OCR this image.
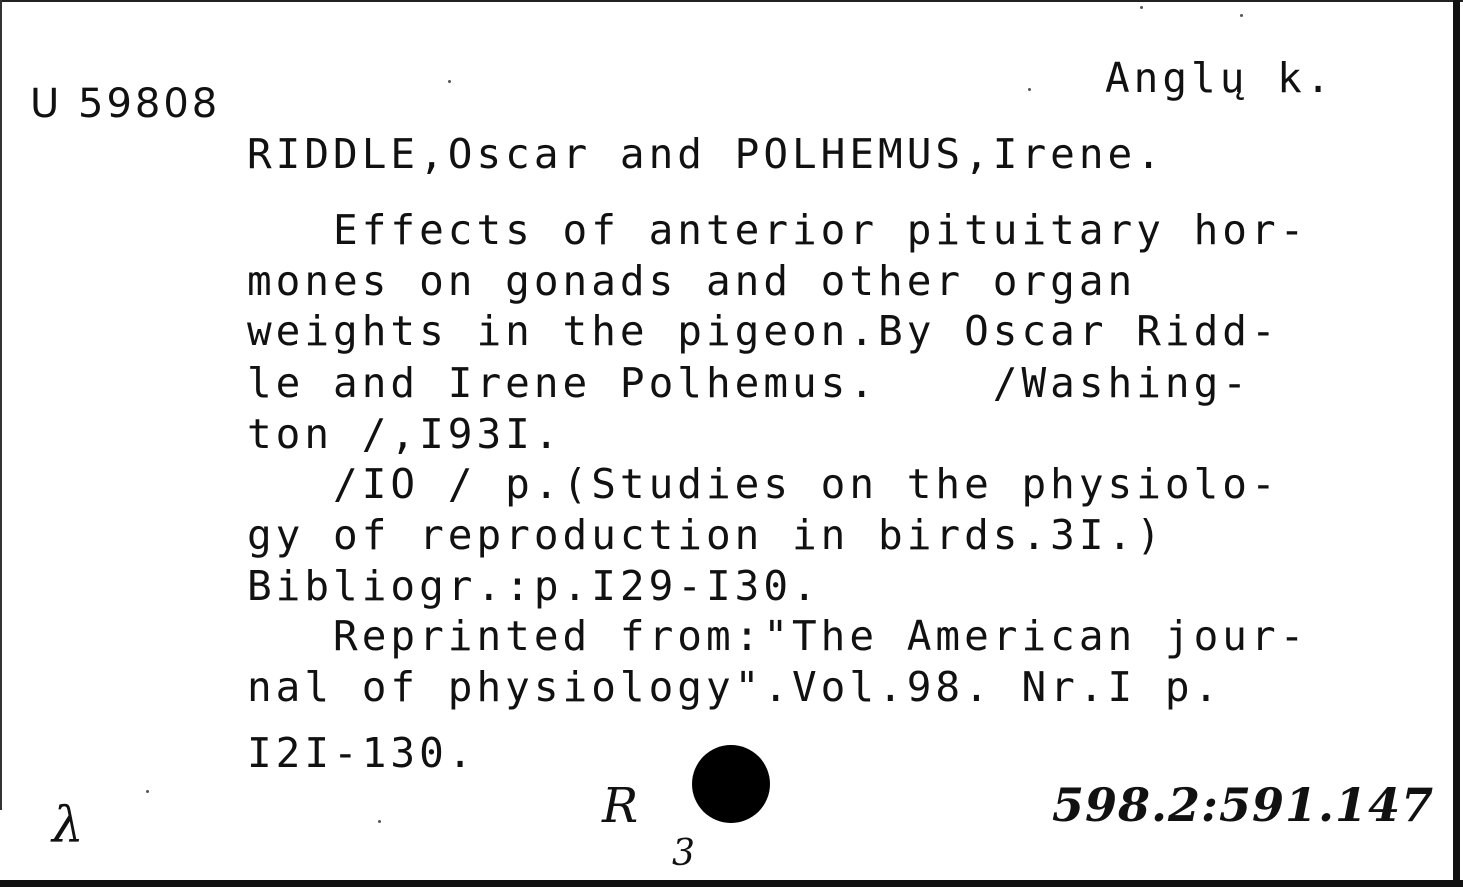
U 59808
Anglų k.
RIDDLE,Oscar and POLHEMUS,Irene.
Effects of anterior pituitary hor-
mones on gonads and other organ
weights in the pigeon.By Oscar Ridd-
le and Irene Polhemus.    /Washing-
ton /,I93I.
/IO / p.(Studies on the physiolo-
gy of reproduction in birds.3I.)
Bibliogr.:p.I29-I30.
Reprinted from:"The American jour-
nal of physiology".Vol.98. Nr.I p.
I2I-130.
λ	R
3
598.2:591.147
